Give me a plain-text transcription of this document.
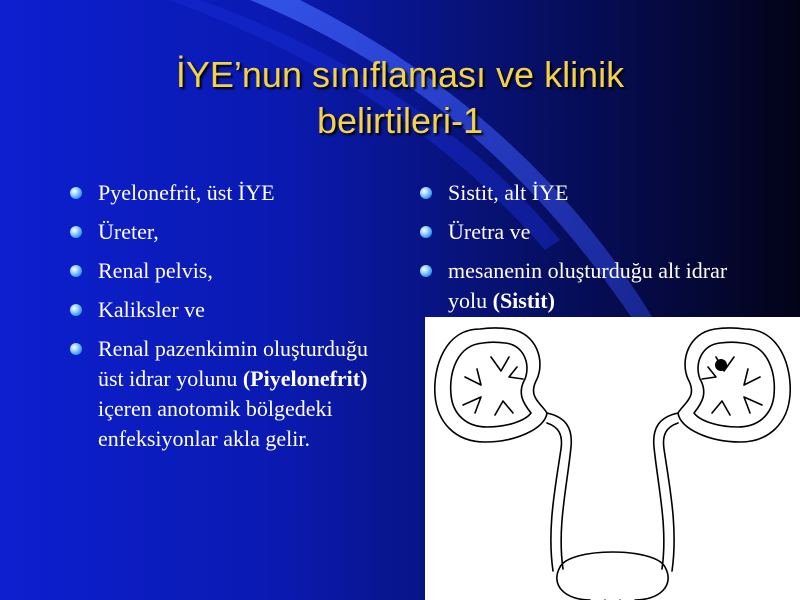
İYE’nun sınıflaması ve klinik
belirtileri-1
Pyelonefrit, üst İYE
Üreter,
Renal pelvis,
Kaliksler ve
Renal pazenkimin oluşturduğu üst idrar yolunu (Piyelonefrit) içeren anotomik bölgedeki enfeksiyonlar akla gelir.
Sistit, alt İYE
Üretra ve
mesanenin oluşturduğu alt idrar yolu (Sistit)
